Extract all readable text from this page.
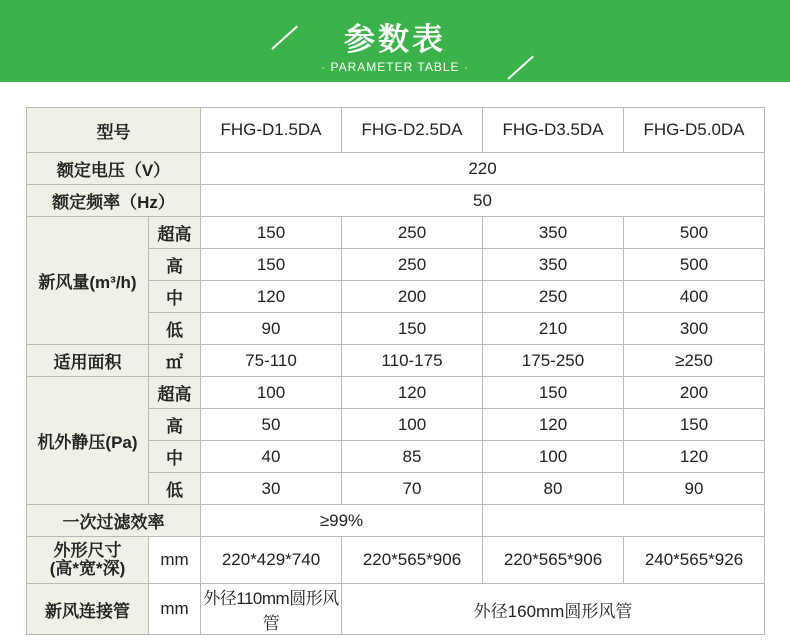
参数表
· PARAMETER TABLE ·
型号		FHG-D1.5DA	FHG-D2.5DA	FHG-D3.5DA	FHG-D5.0DA
额定电压（V）		220			
额定频率（Hz）		50			
新风量(m³/h)	超高	150	250	350	500
	高	150	250	350	500
	中	120	200	250	400
	低	90	150	210	300
适用面积	㎡	75-110	110-175	175-250	≥250
机外静压(Pa)	超高	100	120	150	200
	高	50	100	120	150
	中	40	85	100	120
	低	30	70	80	90
一次过滤效率		≥99%			

外形尺寸
(高*宽*深)	mm	220*429*740	220*565*906	220*565*906	240*565*926
新风连接管	mm	外径110mm圆形风管	外径160mm圆形风管		
